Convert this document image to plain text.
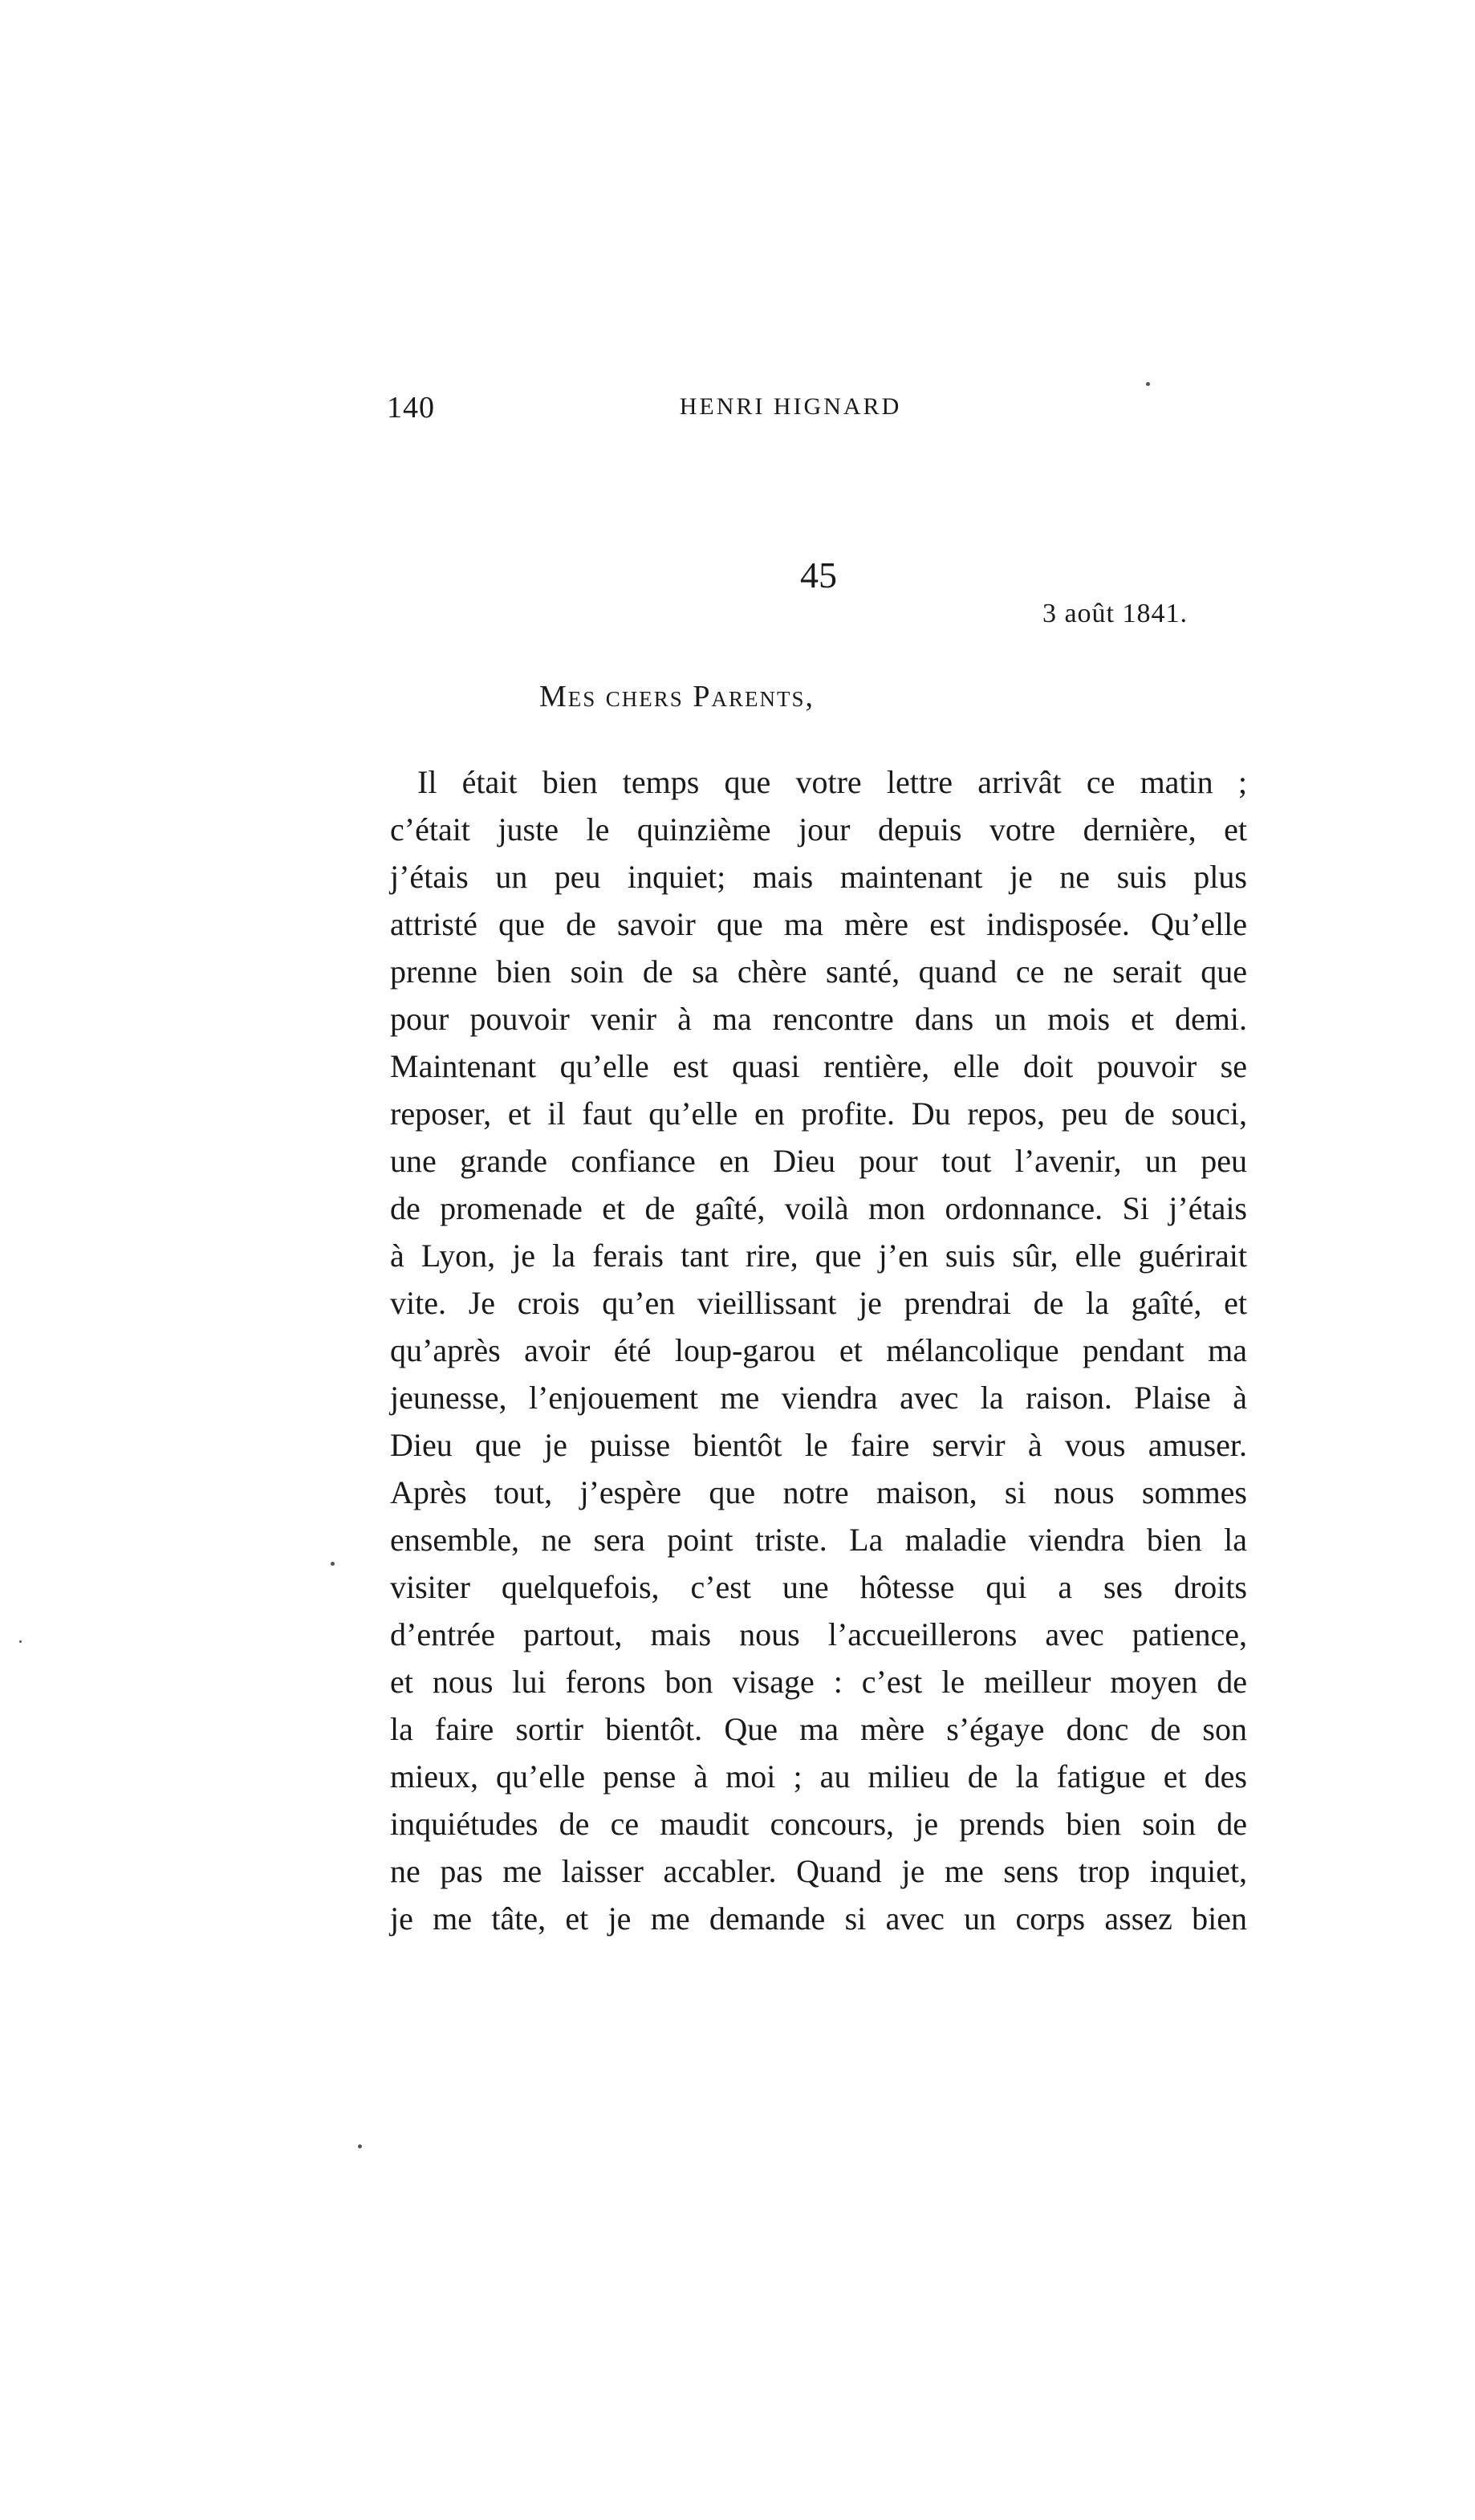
140	HENRI HIGNARD
45
3 août 1841.
Mes chers Parents,
Il était bien temps que votre lettre arrivât ce matin ;
c’était juste le quinzième jour depuis votre dernière, et
j’étais un peu inquiet; mais maintenant je ne suis plus
attristé que de savoir que ma mère est indisposée. Qu’elle
prenne bien soin de sa chère santé, quand ce ne serait que
pour pouvoir venir à ma rencontre dans un mois et demi.
Maintenant qu’elle est quasi rentière, elle doit pouvoir se
reposer, et il faut qu’elle en profite. Du repos, peu de souci,
une grande confiance en Dieu pour tout l’avenir, un peu
de promenade et de gaîté, voilà mon ordonnance. Si j’étais
à Lyon, je la ferais tant rire, que j’en suis sûr, elle guérirait
vite. Je crois qu’en vieillissant je prendrai de la gaîté, et
qu’après avoir été loup-garou et mélancolique pendant ma
jeunesse, l’enjouement me viendra avec la raison. Plaise à
Dieu que je puisse bientôt le faire servir à vous amuser.
Après tout, j’espère que notre maison, si nous sommes
ensemble, ne sera point triste. La maladie viendra bien la
visiter quelquefois, c’est une hôtesse qui a ses droits
d’entrée partout, mais nous l’accueillerons avec patience,
et nous lui ferons bon visage : c’est le meilleur moyen de
la faire sortir bientôt. Que ma mère s’égaye donc de son
mieux, qu’elle pense à moi ; au milieu de la fatigue et des
inquiétudes de ce maudit concours, je prends bien soin de
ne pas me laisser accabler. Quand je me sens trop inquiet,
je me tâte, et je me demande si avec un corps assez bien
